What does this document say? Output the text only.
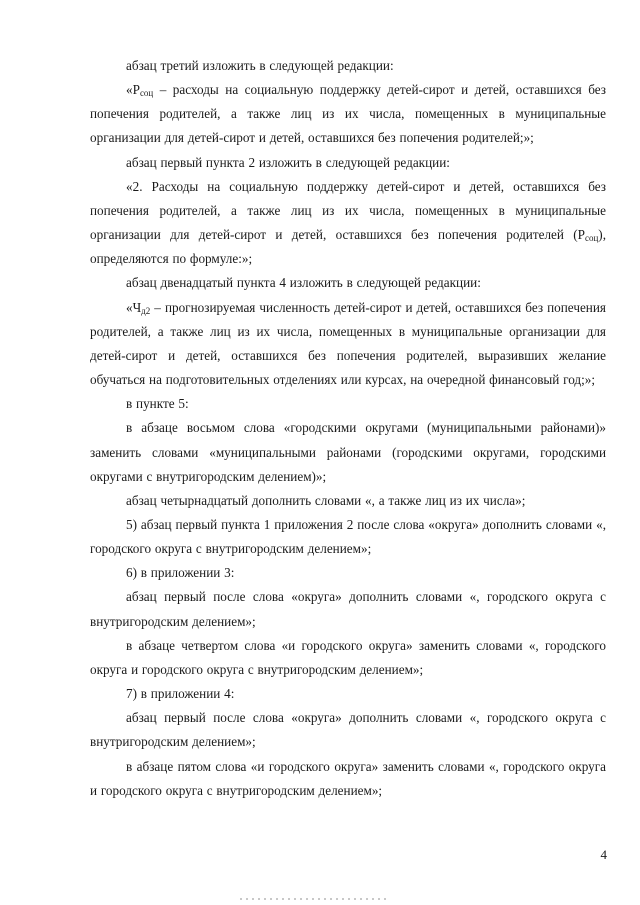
абзац третий изложить в следующей редакции:

«$Р_{соц}$ – расходы на социальную поддержку детей-сирот и детей, оставшихся без попечения родителей, а также лиц из их числа, помещенных в муниципальные организации для детей-сирот и детей, оставшихся без попечения родителей;»;

абзац первый пункта 2 изложить в следующей редакции:

«2. Расходы на социальную поддержку детей-сирот и детей, оставшихся без попечения родителей, а также лиц из их числа, помещенных в муниципальные организации для детей-сирот и детей, оставшихся без попечения родителей $(Р_{соц})$, определяются по формуле:»;

абзац двенадцатый пункта 4 изложить в следующей редакции:

«$Ч_{д2}$ – прогнозируемая численность детей-сирот и детей, оставшихся без попечения родителей, а также лиц из их числа, помещенных в муниципальные организации для детей-сирот и детей, оставшихся без попечения родителей, выразивших желание обучаться на подготовительных отделениях или курсах, на очередной финансовый год;»;

в пункте 5:

в абзаце восьмом слова «городскими округами (муниципальными районами)» заменить словами «муниципальными районами (городскими округами, городскими округами с внутригородским делением)»;

абзац четырнадцатый дополнить словами «, а также лиц из их числа»;

5) абзац первый пункта 1 приложения 2 после слова «округа» дополнить словами «, городского округа с внутригородским делением»;

6) в приложении 3:

абзац первый после слова «округа» дополнить словами «, городского округа с внутригородским делением»;

в абзаце четвертом слова «и городского округа» заменить словами «, городского округа и городского округа с внутригородским делением»;

7) в приложении 4:

абзац первый после слова «округа» дополнить словами «, городского округа с внутригородским делением»;

в абзаце пятом слова «и городского округа» заменить словами «, городского округа и городского округа с внутригородским делением»;

4
